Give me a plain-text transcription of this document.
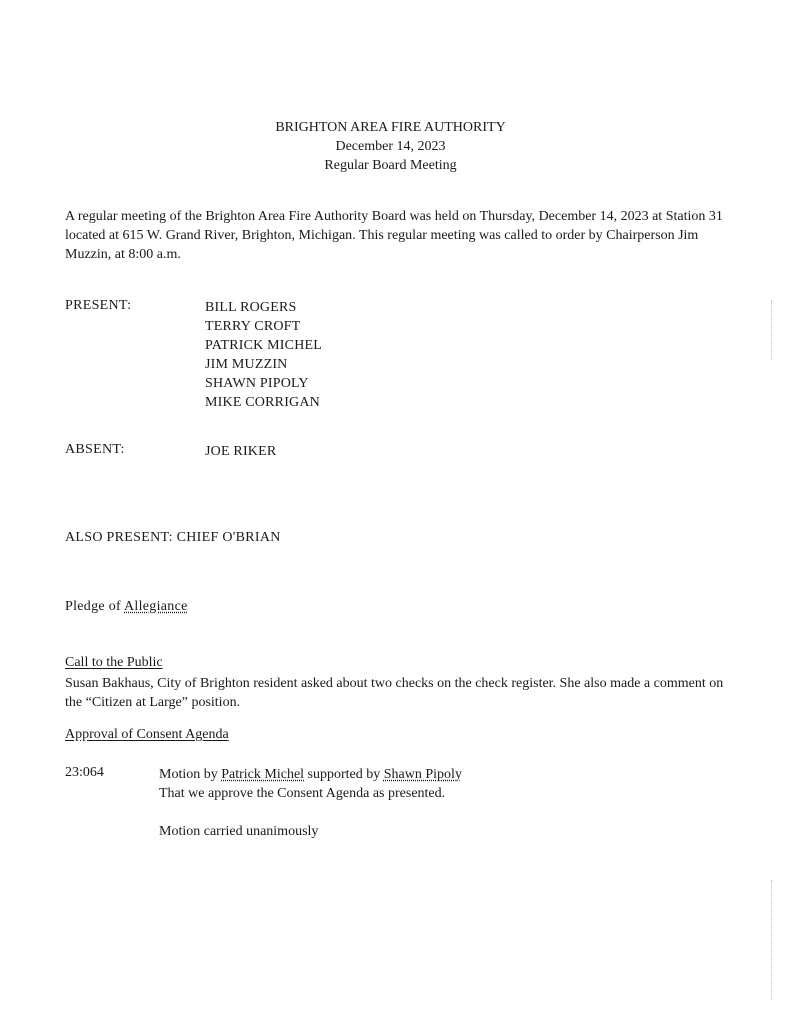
BRIGHTON AREA FIRE AUTHORITY
December 14, 2023
Regular Board Meeting
A regular meeting of the Brighton Area Fire Authority Board was held on Thursday, December 14, 2023 at Station 31 located at 615 W. Grand River, Brighton, Michigan. This regular meeting was called to order by Chairperson Jim Muzzin, at 8:00 a.m.
PRESENT:	BILL ROGERS
TERRY CROFT
PATRICK MICHEL
JIM MUZZIN
SHAWN PIPOLY
MIKE CORRIGAN
ABSENT:	JOE RIKER
ALSO PRESENT: CHIEF O'BRIAN
Pledge of Allegiance
Call to the Public
Susan Bakhaus, City of Brighton resident asked about two checks on the check register. She also made a comment on the “Citizen at Large” position.
Approval of Consent Agenda
23:064	Motion by Patrick Michel supported by Shawn Pipoly
That we approve the Consent Agenda as presented.
Motion carried unanimously
